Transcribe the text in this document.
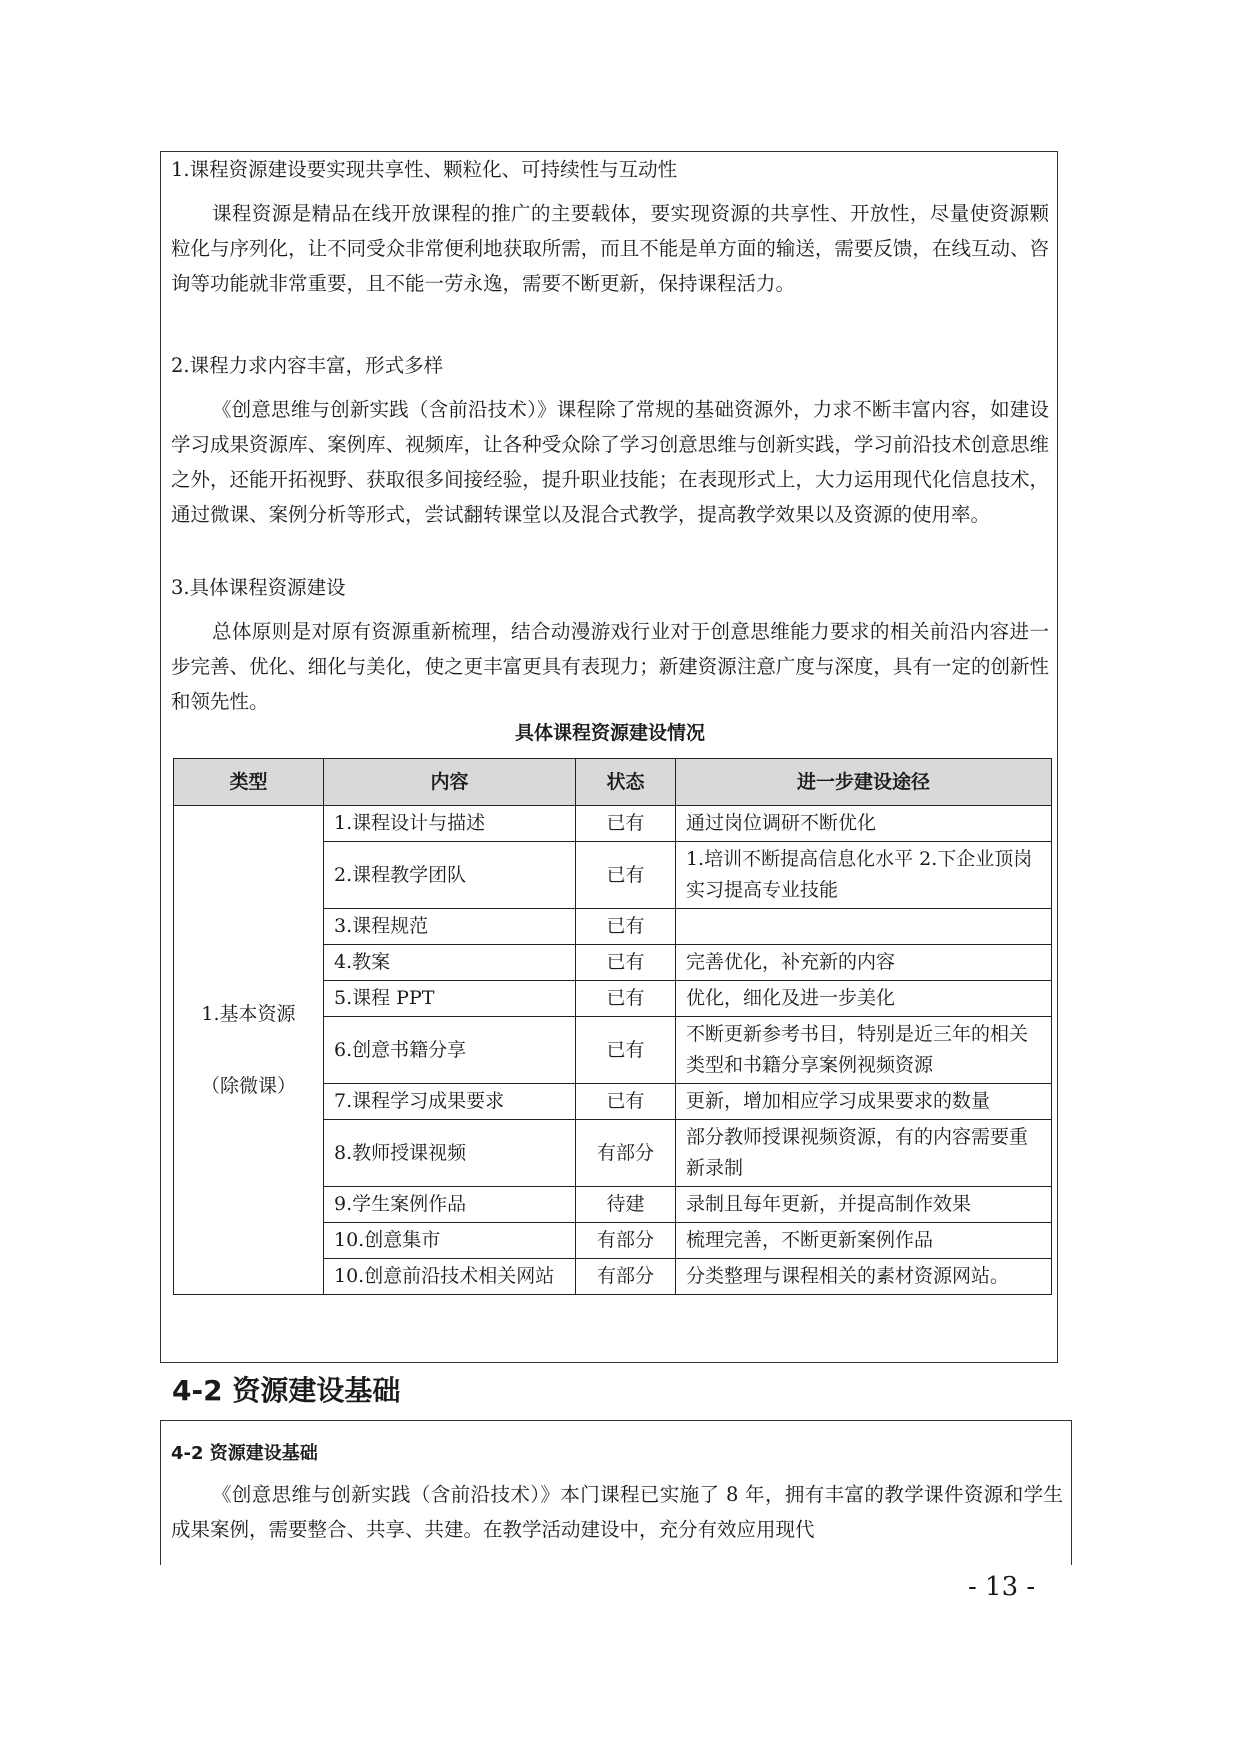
1.课程资源建设要实现共享性、颗粒化、可持续性与互动性

课程资源是精品在线开放课程的推广的主要载体，要实现资源的共享性、开放性，尽量使资源颗粒化与序列化，让不同受众非常便利地获取所需，而且不能是单方面的输送，需要反馈，在线互动、咨询等功能就非常重要，且不能一劳永逸，需要不断更新，保持课程活力。

2.课程力求内容丰富，形式多样

《创意思维与创新实践（含前沿技术）》课程除了常规的基础资源外，力求不断丰富内容，如建设学习成果资源库、案例库、视频库，让各种受众除了学习创意思维与创新实践，学习前沿技术创意思维之外，还能开拓视野、获取很多间接经验，提升职业技能；在表现形式上，大力运用现代化信息技术，通过微课、案例分析等形式，尝试翻转课堂以及混合式教学，提高教学效果以及资源的使用率。

3.具体课程资源建设

总体原则是对原有资源重新梳理，结合动漫游戏行业对于创意思维能力要求的相关前沿内容进一步完善、优化、细化与美化，使之更丰富更具有表现力；新建资源注意广度与深度，具有一定的创新性和领先性。

具体课程资源建设情况
类型	内容	状态	进一步建设途径

1.基本资源
（除微课）	1.课程设计与描述	已有	通过岗位调研不断优化
	2.课程教学团队	已有	1.培训不断提高信息化水平 2.下企业顶岗实习提高专业技能
	3.课程规范	已有	
	4.教案	已有	完善优化，补充新的内容
	5.课程 PPT	已有	优化，细化及进一步美化
	6.创意书籍分享	已有	不断更新参考书目，特别是近三年的相关类型和书籍分享案例视频资源
	7.课程学习成果要求	已有	更新，增加相应学习成果要求的数量
	8.教师授课视频	有部分	部分教师授课视频资源，有的内容需要重新录制
	9.学生案例作品	待建	录制且每年更新，并提高制作效果
	10.创意集市	有部分	梳理完善，不断更新案例作品
	10.创意前沿技术相关网站	有部分	分类整理与课程相关的素材资源网站。
4-2 资源建设基础
4-2 资源建设基础

《创意思维与创新实践（含前沿技术）》本门课程已实施了 8 年，拥有丰富的教学课件资源和学生成果案例，需要整合、共享、共建。在教学活动建设中，充分有效应用现代

- 13 -
